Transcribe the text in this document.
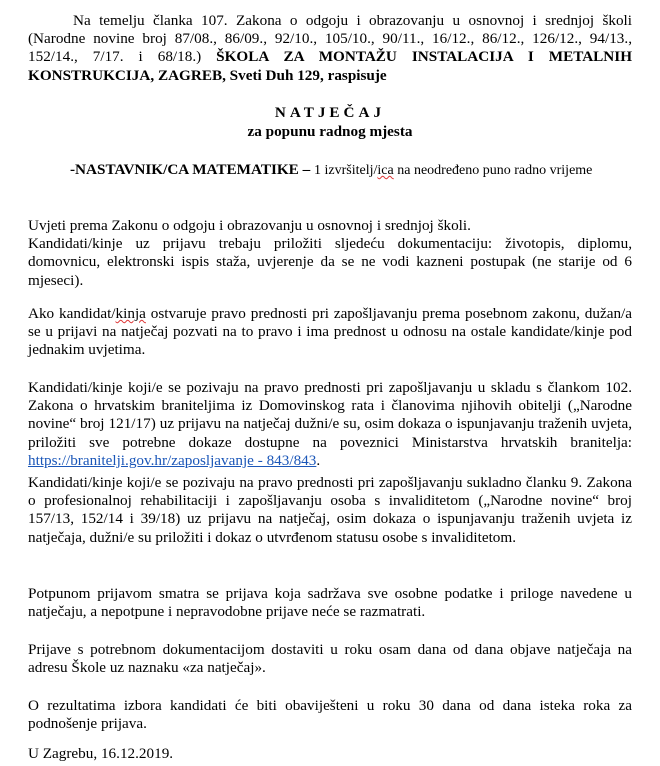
Na temelju članka 107. Zakona o odgoju i obrazovanju u osnovnoj i srednjoj školi (Narodne novine broj 87/08., 86/09., 92/10., 105/10., 90/11., 16/12., 86/12., 126/12., 94/13., 152/14., 7/17. i 68/18.) ŠKOLA ZA MONTAŽU INSTALACIJA I METALNIH KONSTRUKCIJA, ZAGREB, Sveti Duh 129, raspisuje

NATJEČAJ

za popunu radnog mjesta

-NASTAVNIK/CA MATEMATIKE – 1 izvršitelj/ica na neodređeno puno radno vrijeme

Uvjeti prema Zakonu o odgoju i obrazovanju u osnovnoj i srednjoj školi.
Kandidati/kinje uz prijavu trebaju priložiti sljedeću dokumentaciju: životopis, diplomu, domovnicu, elektronski ispis staža, uvjerenje da se ne vodi kazneni postupak (ne starije od 6 mjeseci).

Ako kandidat/kinja ostvaruje pravo prednosti pri zapošljavanju prema posebnom zakonu, dužan/a se u prijavi na natječaj pozvati na to pravo i ima prednost u odnosu na ostale kandidate/kinje pod jednakim uvjetima.

Kandidati/kinje koji/e se pozivaju na pravo prednosti pri zapošljavanju u skladu s člankom 102. Zakona o hrvatskim braniteljima iz Domovinskog rata i članovima njihovih obitelji („Narodne novine“ broj 121/17) uz prijavu na natječaj dužni/e su, osim dokaza o ispunjavanju traženih uvjeta, priložiti sve potrebne dokaze dostupne na poveznici Ministarstva hrvatskih branitelja: https://branitelji.gov.hr/zaposljavanje - 843/843.

Kandidati/kinje koji/e se pozivaju na pravo prednosti pri zapošljavanju sukladno članku 9. Zakona o profesionalnoj rehabilitaciji i zapošljavanju osoba s invaliditetom („Narodne novine“ broj 157/13, 152/14 i 39/18) uz prijavu na natječaj, osim dokaza o ispunjavanju traženih uvjeta iz natječaja, dužni/e su priložiti i dokaz o utvrđenom statusu osobe s invaliditetom.

Potpunom prijavom smatra se prijava koja sadržava sve osobne podatke i priloge navedene u natječaju, a nepotpune i nepravodobne prijave neće se razmatrati.

Prijave s potrebnom dokumentacijom dostaviti u roku osam dana od dana objave natječaja na adresu Škole uz naznaku «za natječaj».

O rezultatima izbora kandidati će biti obaviješteni u roku 30 dana od dana isteka roka za podnošenje prijava.

U Zagrebu, 16.12.2019.
